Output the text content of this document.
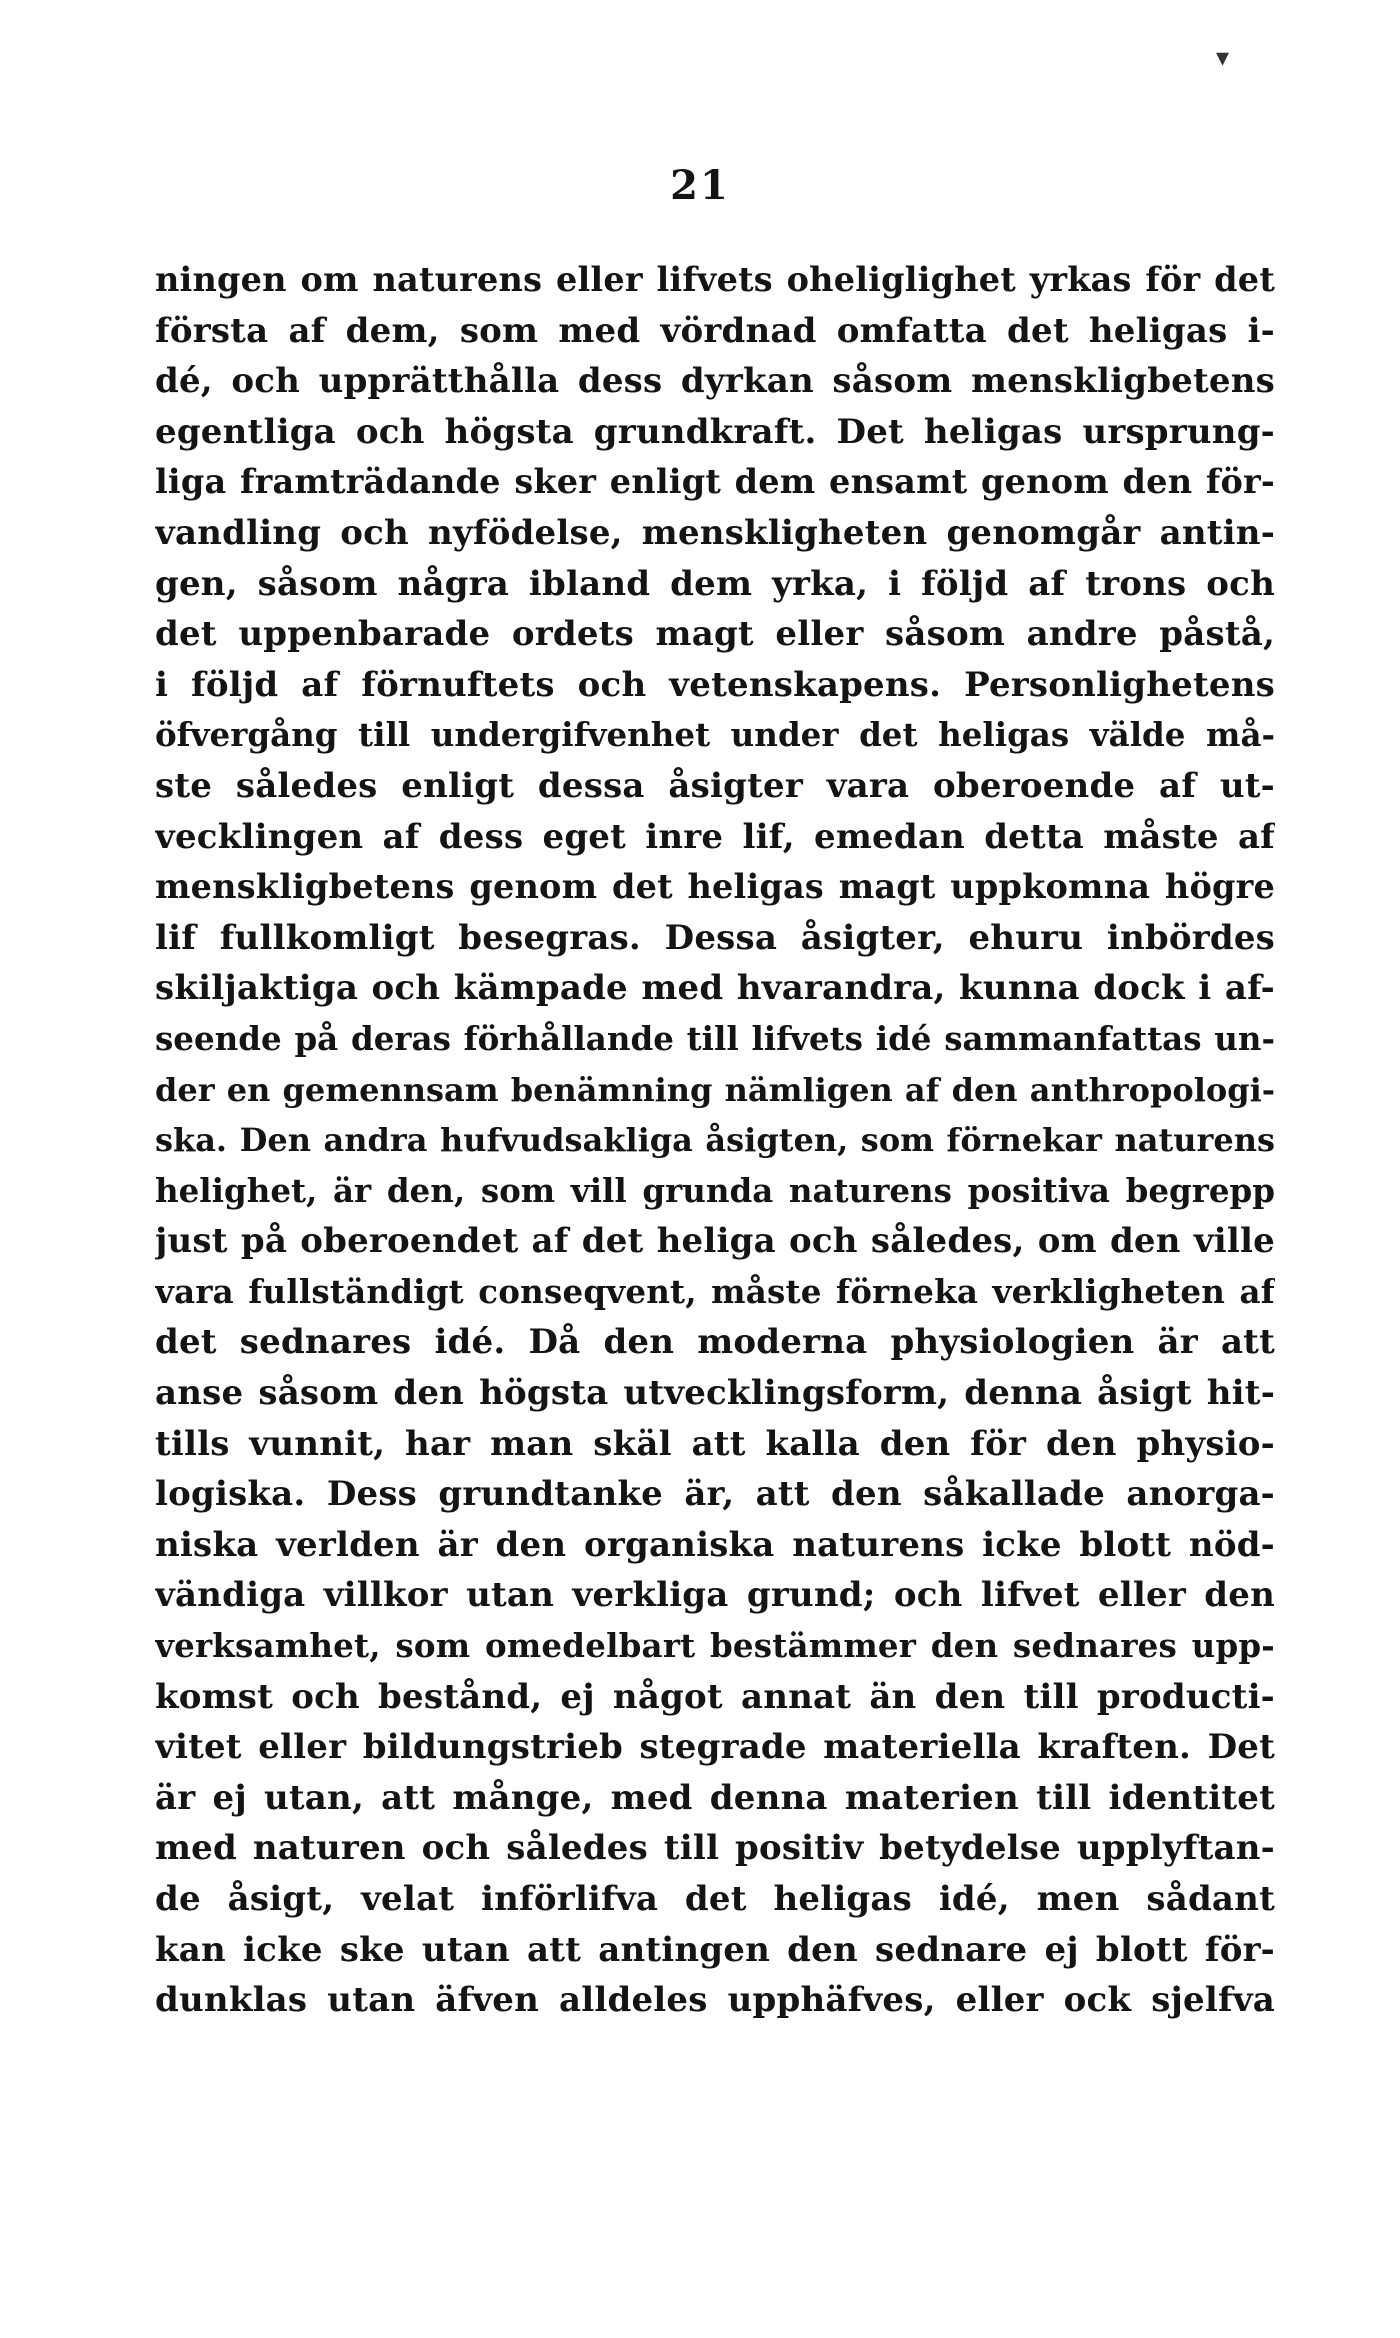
▾
21
ningen om naturens eller lifvets oheliglighet yrkas för det
första af dem, som med vördnad omfatta det heligas i-
dé, och upprätthålla dess dyrkan såsom menskligbetens
egentliga och högsta grundkraft. Det heligas ursprung-
liga framträdande sker enligt dem ensamt genom den för-
vandling och nyfödelse, menskligheten genomgår antin-
gen, såsom några ibland dem yrka, i följd af trons och
det uppenbarade ordets magt eller såsom andre påstå,
i följd af förnuftets och vetenskapens. Personlighetens
öfvergång till undergifvenhet under det heligas välde må-
ste således enligt dessa åsigter vara oberoende af ut-
vecklingen af dess eget inre lif, emedan detta måste af
menskligbetens genom det heligas magt uppkomna högre
lif fullkomligt besegras. Dessa åsigter, ehuru inbördes
skiljaktiga och kämpade med hvarandra, kunna dock i af-
seende på deras förhållande till lifvets idé sammanfattas un-
der en gemennsam benämning nämligen af den anthropologi-
ska. Den andra hufvudsakliga åsigten, som förnekar naturens
helighet, är den, som vill grunda naturens positiva begrepp
just på oberoendet af det heliga och således, om den ville
vara fullständigt conseqvent, måste förneka verkligheten af
det sednares idé. Då den moderna physiologien är att
anse såsom den högsta utvecklingsform, denna åsigt hit-
tills vunnit, har man skäl att kalla den för den physio-
logiska. Dess grundtanke är, att den såkallade anorga-
niska verlden är den organiska naturens icke blott nöd-
vändiga villkor utan verkliga grund; och lifvet eller den
verksamhet, som omedelbart bestämmer den sednares upp-
komst och bestånd, ej något annat än den till producti-
vitet eller bildungstrieb stegrade materiella kraften. Det
är ej utan, att månge, med denna materien till identitet
med naturen och således till positiv betydelse upplyftan-
de åsigt, velat införlifva det heligas idé, men sådant
kan icke ske utan att antingen den sednare ej blott för-
dunklas utan äfven alldeles upphäfves, eller ock sjelfva
